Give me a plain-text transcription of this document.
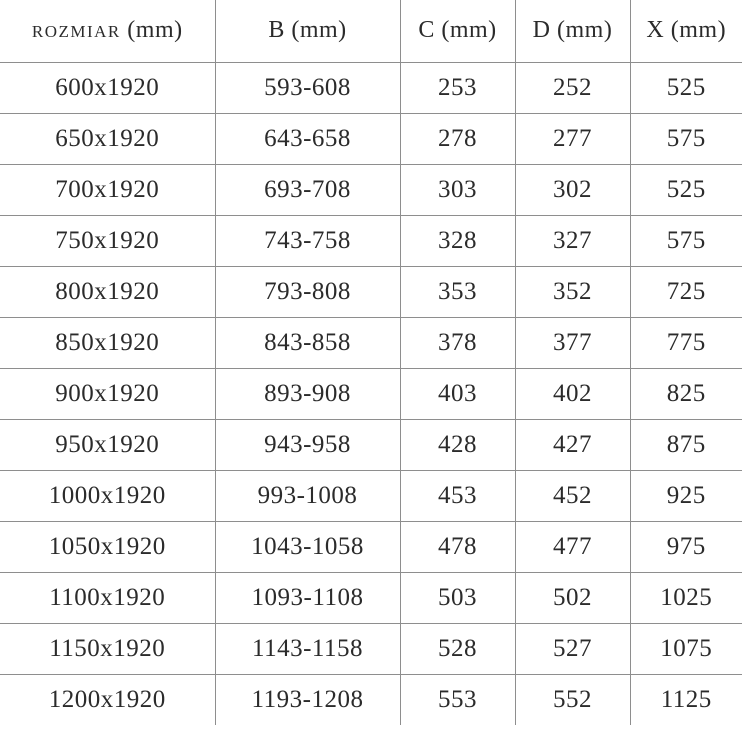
ROZMIAR (mm)	B (mm)	C (mm)	D (mm)	X (mm)
600x1920	593-608	253	252	525
650x1920	643-658	278	277	575
700x1920	693-708	303	302	525
750x1920	743-758	328	327	575
800x1920	793-808	353	352	725
850x1920	843-858	378	377	775
900x1920	893-908	403	402	825
950x1920	943-958	428	427	875
1000x1920	993-1008	453	452	925
1050x1920	1043-1058	478	477	975
1100x1920	1093-1108	503	502	1025
1150x1920	1143-1158	528	527	1075
1200x1920	1193-1208	553	552	1125
